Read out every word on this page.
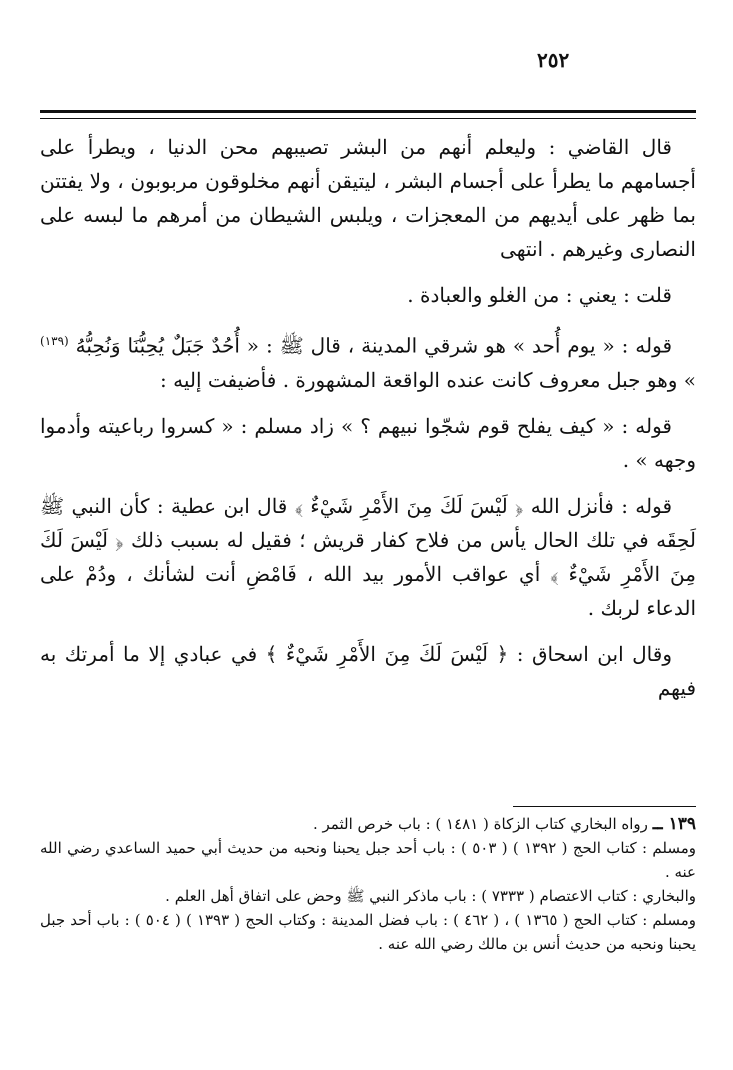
٢٥٢

قال القاضي : وليعلم أنهم من البشر تصيبهم محن الدنيا ، ويطرأ على أجسامهم ما يطرأ على أجسام البشر ، ليتيقن أنهم مخلوقون مربوبون ، ولا يفتتن بما ظهر على أيديهم من المعجزات ، ويلبس الشيطان من أمرهم ما لبسه على النصارى وغيرهم . انتهى

قلت : يعني : من الغلو والعبادة .

قوله : « يوم أُحد » هو شرقي المدينة ، قال ﷺ : « أُحُدٌ جَبَلٌ يُحِبُّنَا وَنُحِبُّهُ $^{(١٣٩)}$ » وهو جبل معروف كانت عنده الواقعة المشهورة . فأضيفت إليه :

قوله : « كيف يفلح قوم شجّوا نبيهم ؟ » زاد مسلم : « كسروا رباعيته وأدموا وجهه » .

قوله : فأنزل الله ﴿ لَيْسَ لَكَ مِنَ الأَمْرِ شَيْءٌ ﴾ قال ابن عطية : كأن النبي ﷺ لَحِقَه في تلك الحال يأس من فلاح كفار قريش ؛ فقيل له بسبب ذلك ﴿ لَيْسَ لَكَ مِنَ الأَمْرِ شَيْءٌ ﴾ أي عواقب الأمور بيد الله ، فَامْضِ أنت لشأنك ، ودُمْ على الدعاء لربك .

وقال ابن اسحاق : ﴿ لَيْسَ لَكَ مِنَ الأَمْرِ شَيْءٌ ﴾ في عبادي إلا ما أمرتك به فيهم

١٣٩ ــ رواه البخاري كتاب الزكاة ( ١٤٨١ ) : باب خرص الثمر .

ومسلم : كتاب الحج ( ١٣٩٢ ) ( ٥٠٣ ) : باب أحد جبل يحبنا ونحبه من حديث أبي حميد الساعدي رضي الله عنه .

والبخاري : كتاب الاعتصام ( ٧٣٣٣ ) : باب ماذكر النبي ﷺ وحض على اتفاق أهل العلم .

ومسلم : كتاب الحج ( ١٣٦٥ ) ، ( ٤٦٢ ) : باب فضل المدينة : وكتاب الحج ( ١٣٩٣ ) ( ٥٠٤ ) : باب أحد جبل يحبنا ونحبه من حديث أنس بن مالك رضي الله عنه .
